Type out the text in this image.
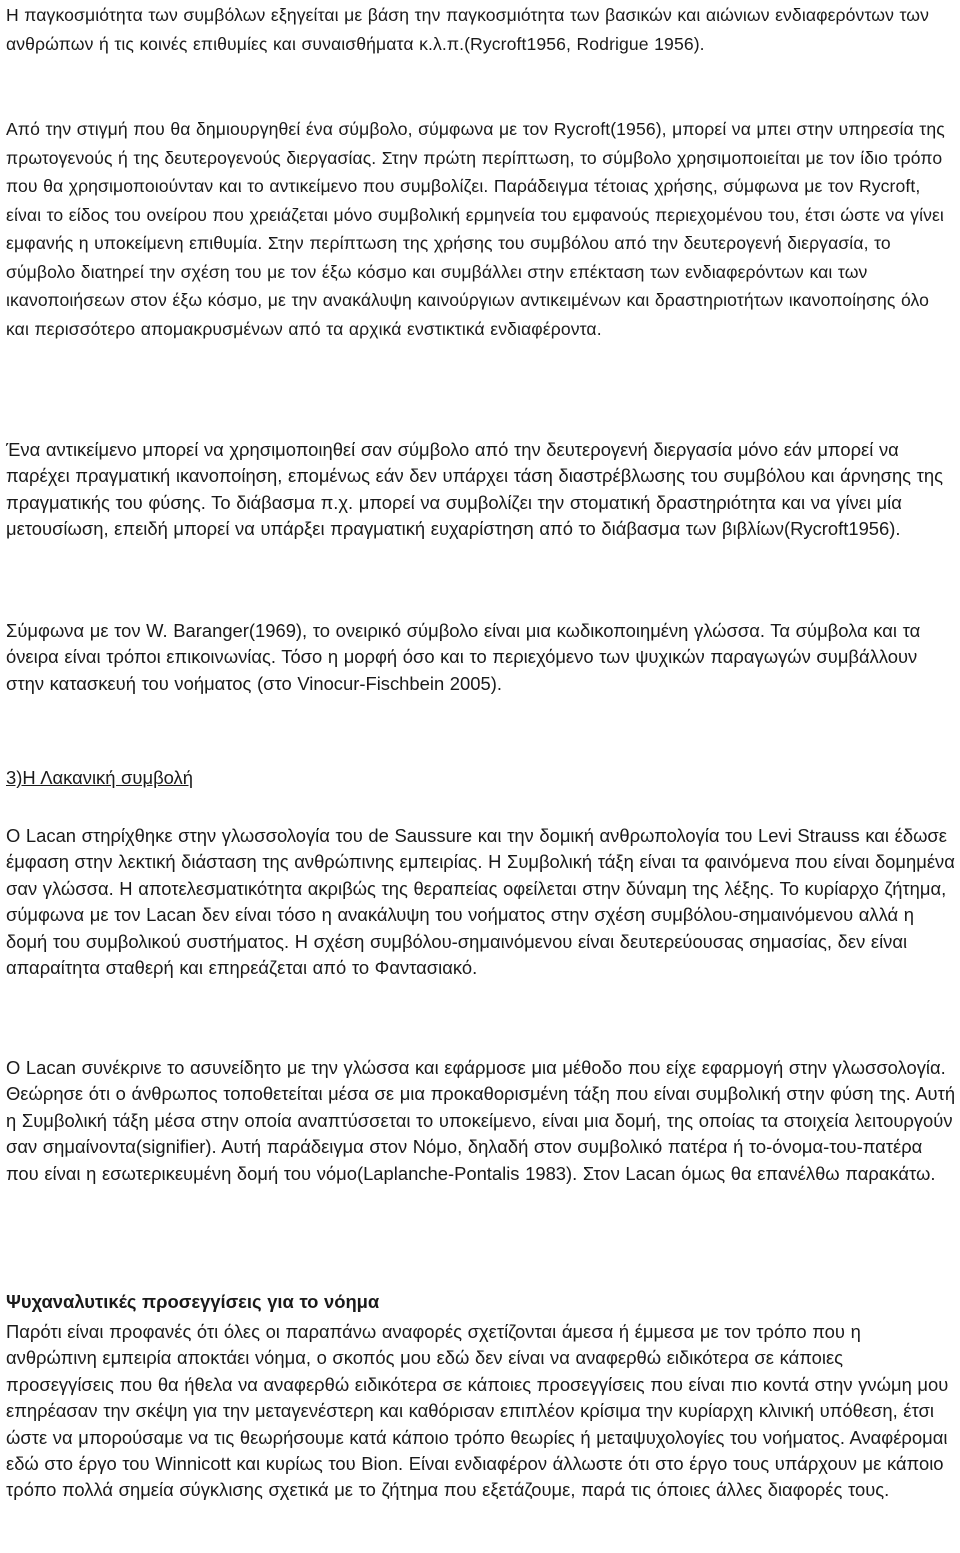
Η παγκοσμιότητα των συμβόλων εξηγείται με βάση την παγκοσμιότητα των βασικών και αιώνιων ενδιαφερόντων των ανθρώπων ή τις κοινές επιθυμίες και συναισθήματα κ.λ.π.(Rycroft1956, Rodrigue 1956).

Από την στιγμή που θα δημιουργηθεί ένα σύμβολο, σύμφωνα με τον Rycroft(1956), μπορεί να μπει στην υπηρεσία της πρωτογενούς ή της δευτερογενούς διεργασίας. Στην πρώτη περίπτωση, το σύμβολο χρησιμοποιείται με τον ίδιο τρόπο που θα χρησιμοποιούνταν και το αντικείμενο που συμβολίζει. Παράδειγμα τέτοιας χρήσης, σύμφωνα με τον Rycroft, είναι το είδος του ονείρου που χρειάζεται μόνο συμβολική ερμηνεία του εμφανούς περιεχομένου του, έτσι ώστε να γίνει εμφανής η υποκείμενη επιθυμία. Στην περίπτωση της χρήσης του συμβόλου από την δευτερογενή διεργασία, το σύμβολο διατηρεί την σχέση του με τον έξω κόσμο και συμβάλλει στην επέκταση των ενδιαφερόντων και των ικανοποιήσεων στον έξω κόσμο, με την ανακάλυψη καινούργιων αντικειμένων και δραστηριοτήτων ικανοποίησης όλο και περισσότερο απομακρυσμένων από τα αρχικά ενστικτικά ενδιαφέροντα.

Ένα αντικείμενο μπορεί να χρησιμοποιηθεί σαν σύμβολο από την δευτερογενή διεργασία μόνο εάν μπορεί να παρέχει πραγματική ικανοποίηση, επομένως εάν δεν υπάρχει τάση διαστρέβλωσης του συμβόλου και άρνησης της πραγματικής του φύσης. Το διάβασμα π.χ. μπορεί να συμβολίζει την στοματική δραστηριότητα και να γίνει μία μετουσίωση, επειδή μπορεί να υπάρξει πραγματική ευχαρίστηση από το διάβασμα των βιβλίων(Rycroft1956).

Σύμφωνα με τον W. Baranger(1969), το ονειρικό σύμβολο είναι μια κωδικοποιημένη γλώσσα. Τα σύμβολα και τα όνειρα είναι τρόποι επικοινωνίας. Τόσο η μορφή όσο και το περιεχόμενο των ψυχικών παραγωγών συμβάλλουν στην κατασκευή του νοήματος (στο Vinocur-Fischbein 2005).

3)Η Λακανική συμβολή

Ο Lacan στηρίχθηκε στην γλωσσολογία του de Saussure και την δομική ανθρωπολογία του Levi Strauss και έδωσε έμφαση στην λεκτική διάσταση της ανθρώπινης εμπειρίας. Η Συμβολική τάξη είναι τα φαινόμενα που είναι δομημένα σαν γλώσσα. Η αποτελεσματικότητα ακριβώς της θεραπείας οφείλεται στην δύναμη της λέξης. Το κυρίαρχο ζήτημα, σύμφωνα με τον Lacan δεν είναι τόσο η ανακάλυψη του νοήματος στην σχέση συμβόλου-σημαινόμενου αλλά η δομή του συμβολικού συστήματος. Η σχέση συμβόλου-σημαινόμενου είναι δευτερεύουσας σημασίας, δεν είναι απαραίτητα σταθερή και επηρεάζεται από το Φαντασιακό.

Ο Lacan συνέκρινε το ασυνείδητο με την γλώσσα και εφάρμοσε μια μέθοδο που είχε εφαρμογή στην γλωσσολογία. Θεώρησε ότι ο άνθρωπος τοποθετείται μέσα σε μια προκαθορισμένη τάξη που είναι συμβολική στην φύση της. Αυτή η Συμβολική τάξη μέσα στην οποία αναπτύσσεται το υποκείμενο, είναι μια δομή, της οποίας τα στοιχεία λειτουργούν σαν σημαίνοντα(signifier). Αυτή παράδειγμα στον Νόμο, δηλαδή στον συμβολικό πατέρα ή το-όνομα-του-πατέρα που είναι η εσωτερικευμένη δομή του νόμο(Laplanche-Pontalis 1983). Στον Lacan όμως θα επανέλθω παρακάτω.

Ψυχαναλυτικές προσεγγίσεις για το νόημα

Παρότι είναι προφανές ότι όλες οι παραπάνω αναφορές σχετίζονται άμεσα ή έμμεσα με τον τρόπο που η ανθρώπινη εμπειρία αποκτάει νόημα, ο σκοπός μου εδώ δεν είναι να αναφερθώ ειδικότερα σε κάποιες προσεγγίσεις που θα ήθελα να αναφερθώ ειδικότερα σε κάποιες προσεγγίσεις που είναι πιο κοντά στην γνώμη μου επηρέασαν την σκέψη για την μεταγενέστερη και καθόρισαν επιπλέον κρίσιμα την κυρίαρχη κλινική υπόθεση, έτσι ώστε να μπορούσαμε να τις θεωρήσουμε κατά κάποιο τρόπο θεωρίες ή μεταψυχολογίες του νοήματος. Αναφέρομαι εδώ στο έργο του Winnicott και κυρίως του Bion. Είναι ενδιαφέρον άλλωστε ότι στο έργο τους υπάρχουν με κάποιο τρόπο πολλά σημεία σύγκλισης σχετικά με το ζήτημα που εξετάζουμε, παρά τις όποιες άλλες διαφορές τους.
